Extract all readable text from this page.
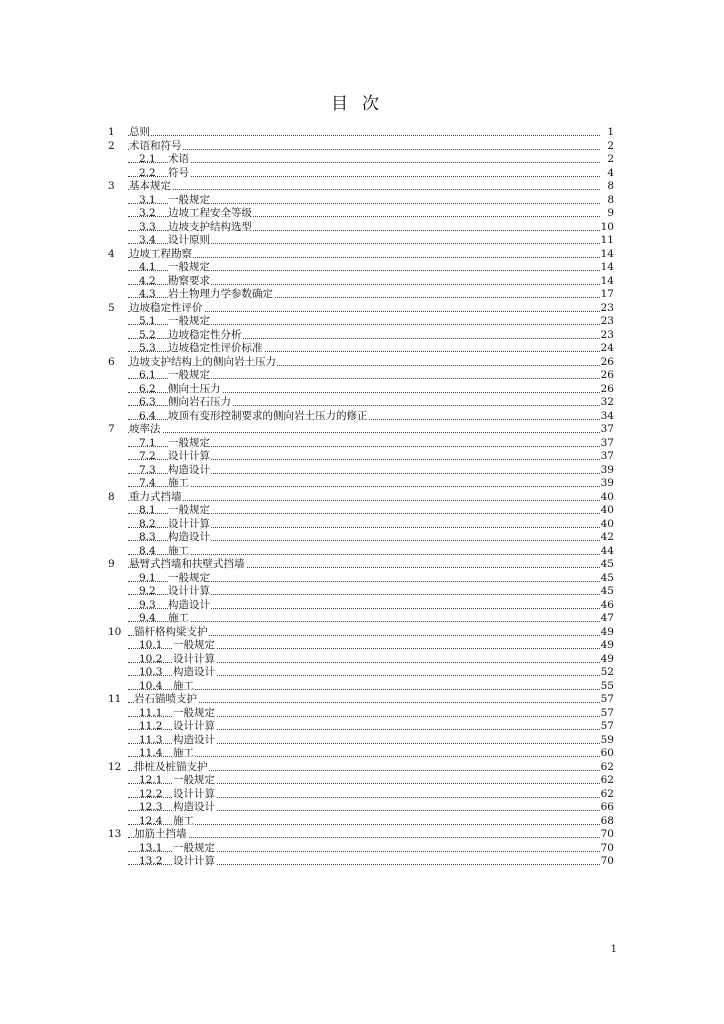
目次
1 总则	1
2 术语和符号	2
2.1 术语	2
2.2 符号	4
3 基本规定	8
3.1 一般规定	8
3.2 边坡工程安全等级	9
3.3 边坡支护结构选型	10
3.4 设计原则	11
4 边坡工程勘察	14
4.1 一般规定	14
4.2 勘察要求	14
4.3 岩土物理力学参数确定	17
5 边坡稳定性评价	23
5.1 一般规定	23
5.2 边坡稳定性分析	23
5.3 边坡稳定性评价标准	24
6 边坡支护结构上的侧向岩土压力	26
6.1 一般规定	26
6.2 侧向土压力	26
6.3 侧向岩石压力	32
6.4 坡顶有变形控制要求的侧向岩土压力的修正	34
7 坡率法	37
7.1 一般规定	37
7.2 设计计算	37
7.3 构造设计	39
7.4 施工	39
8 重力式挡墙	40
8.1 一般规定	40
8.2 设计计算	40
8.3 构造设计	42
8.4 施工	44
9 悬臂式挡墙和扶壁式挡墙	45
9.1 一般规定	45
9.2 设计计算	45
9.3 构造设计	46
9.4 施工	47
10 锚杆格构梁支护	49
10.1 一般规定	49
10.2 设计计算	49
10.3 构造设计	52
10.4 施工	55
11 岩石锚喷支护	57
11.1 一般规定	57
11.2 设计计算	57
11.3 构造设计	59
11.4 施工	60
12 排桩及桩锚支护	62
12.1 一般规定	62
12.2 设计计算	62
12.3 构造设计	66
12.4 施工	68
13 加筋土挡墙	70
13.1 一般规定	70
13.2 设计计算	70
1
